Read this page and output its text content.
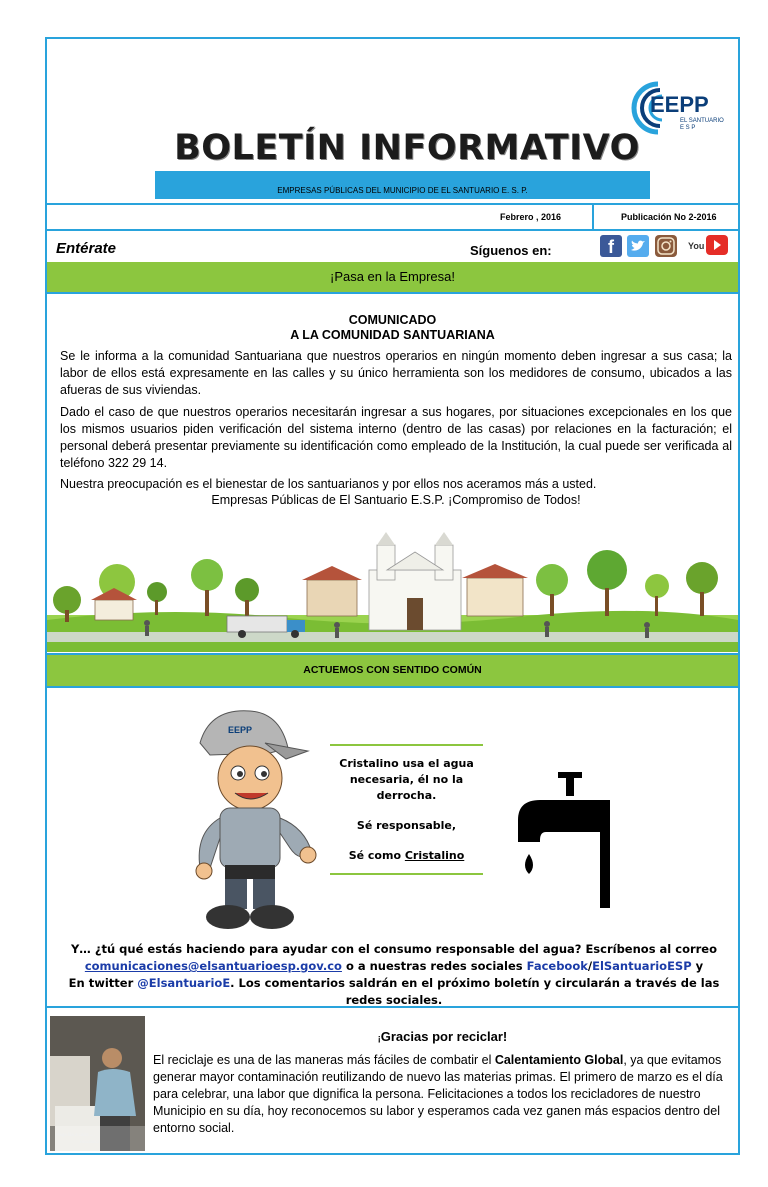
EEPP
EL SANTUARIO E S P
BOLETÍN INFORMATIVO
EMPRESAS PÚBLICAS DEL MUNICIPIO DE EL SANTUARIO E. S. P.
Febrero , 2016	Publicación No 2-2016
Entérate	Síguenos en:	f	You
¡Pasa en la Empresa!
COMUNICADO
A LA COMUNIDAD SANTUARIANA
Se le informa a la comunidad Santuariana que nuestros operarios en ningún momento deben ingresar a sus casa; la labor de ellos está expresamente en las calles y su único herramienta son los medidores de consumo, ubicados a las afueras de sus viviendas.
Dado el caso de que nuestros operarios necesitarán ingresar a sus hogares, por situaciones excepcionales en los que los mismos usuarios piden verificación del sistema interno (dentro de las casas) por relaciones en la facturación; el personal deberá presentar previamente su identificación como empleado de la Institución, la cual puede ser verificada al teléfono 322 29 14.
Nuestra preocupación es el bienestar de los santuarianos y por ellos nos aceramos más a usted.
Empresas Públicas de El Santuario E.S.P. ¡Compromiso de Todos!
ACTUEMOS CON SENTIDO COMÚN
EEPP
Cristalino usa el agua
necesaria, él no la
derrocha.
Sé responsable,
Sé como Cristalino
Y… ¿tú qué estás haciendo para ayudar con el consumo responsable del agua? Escríbenos al correo
comunicaciones@elsantuarioesp.gov.co o a nuestras redes sociales Facebook/ElSantuarioESP y
En twitter @ElsantuarioE. Los comentarios saldrán en el próximo boletín y circularán a través de las redes sociales.
Haga fila a cada ....
reciclador
¡Gracias por reciclar!
El reciclaje es una de las maneras más fáciles de combatir el Calentamiento Global, ya que evitamos generar mayor contaminación reutilizando de nuevo las materias primas. El primero de marzo es el día para celebrar, una labor que dignifica la persona. Felicitaciones a todos los recicladores de nuestro Municipio en su día, hoy reconocemos su labor y esperamos cada vez ganen más espacios dentro del entorno social.
